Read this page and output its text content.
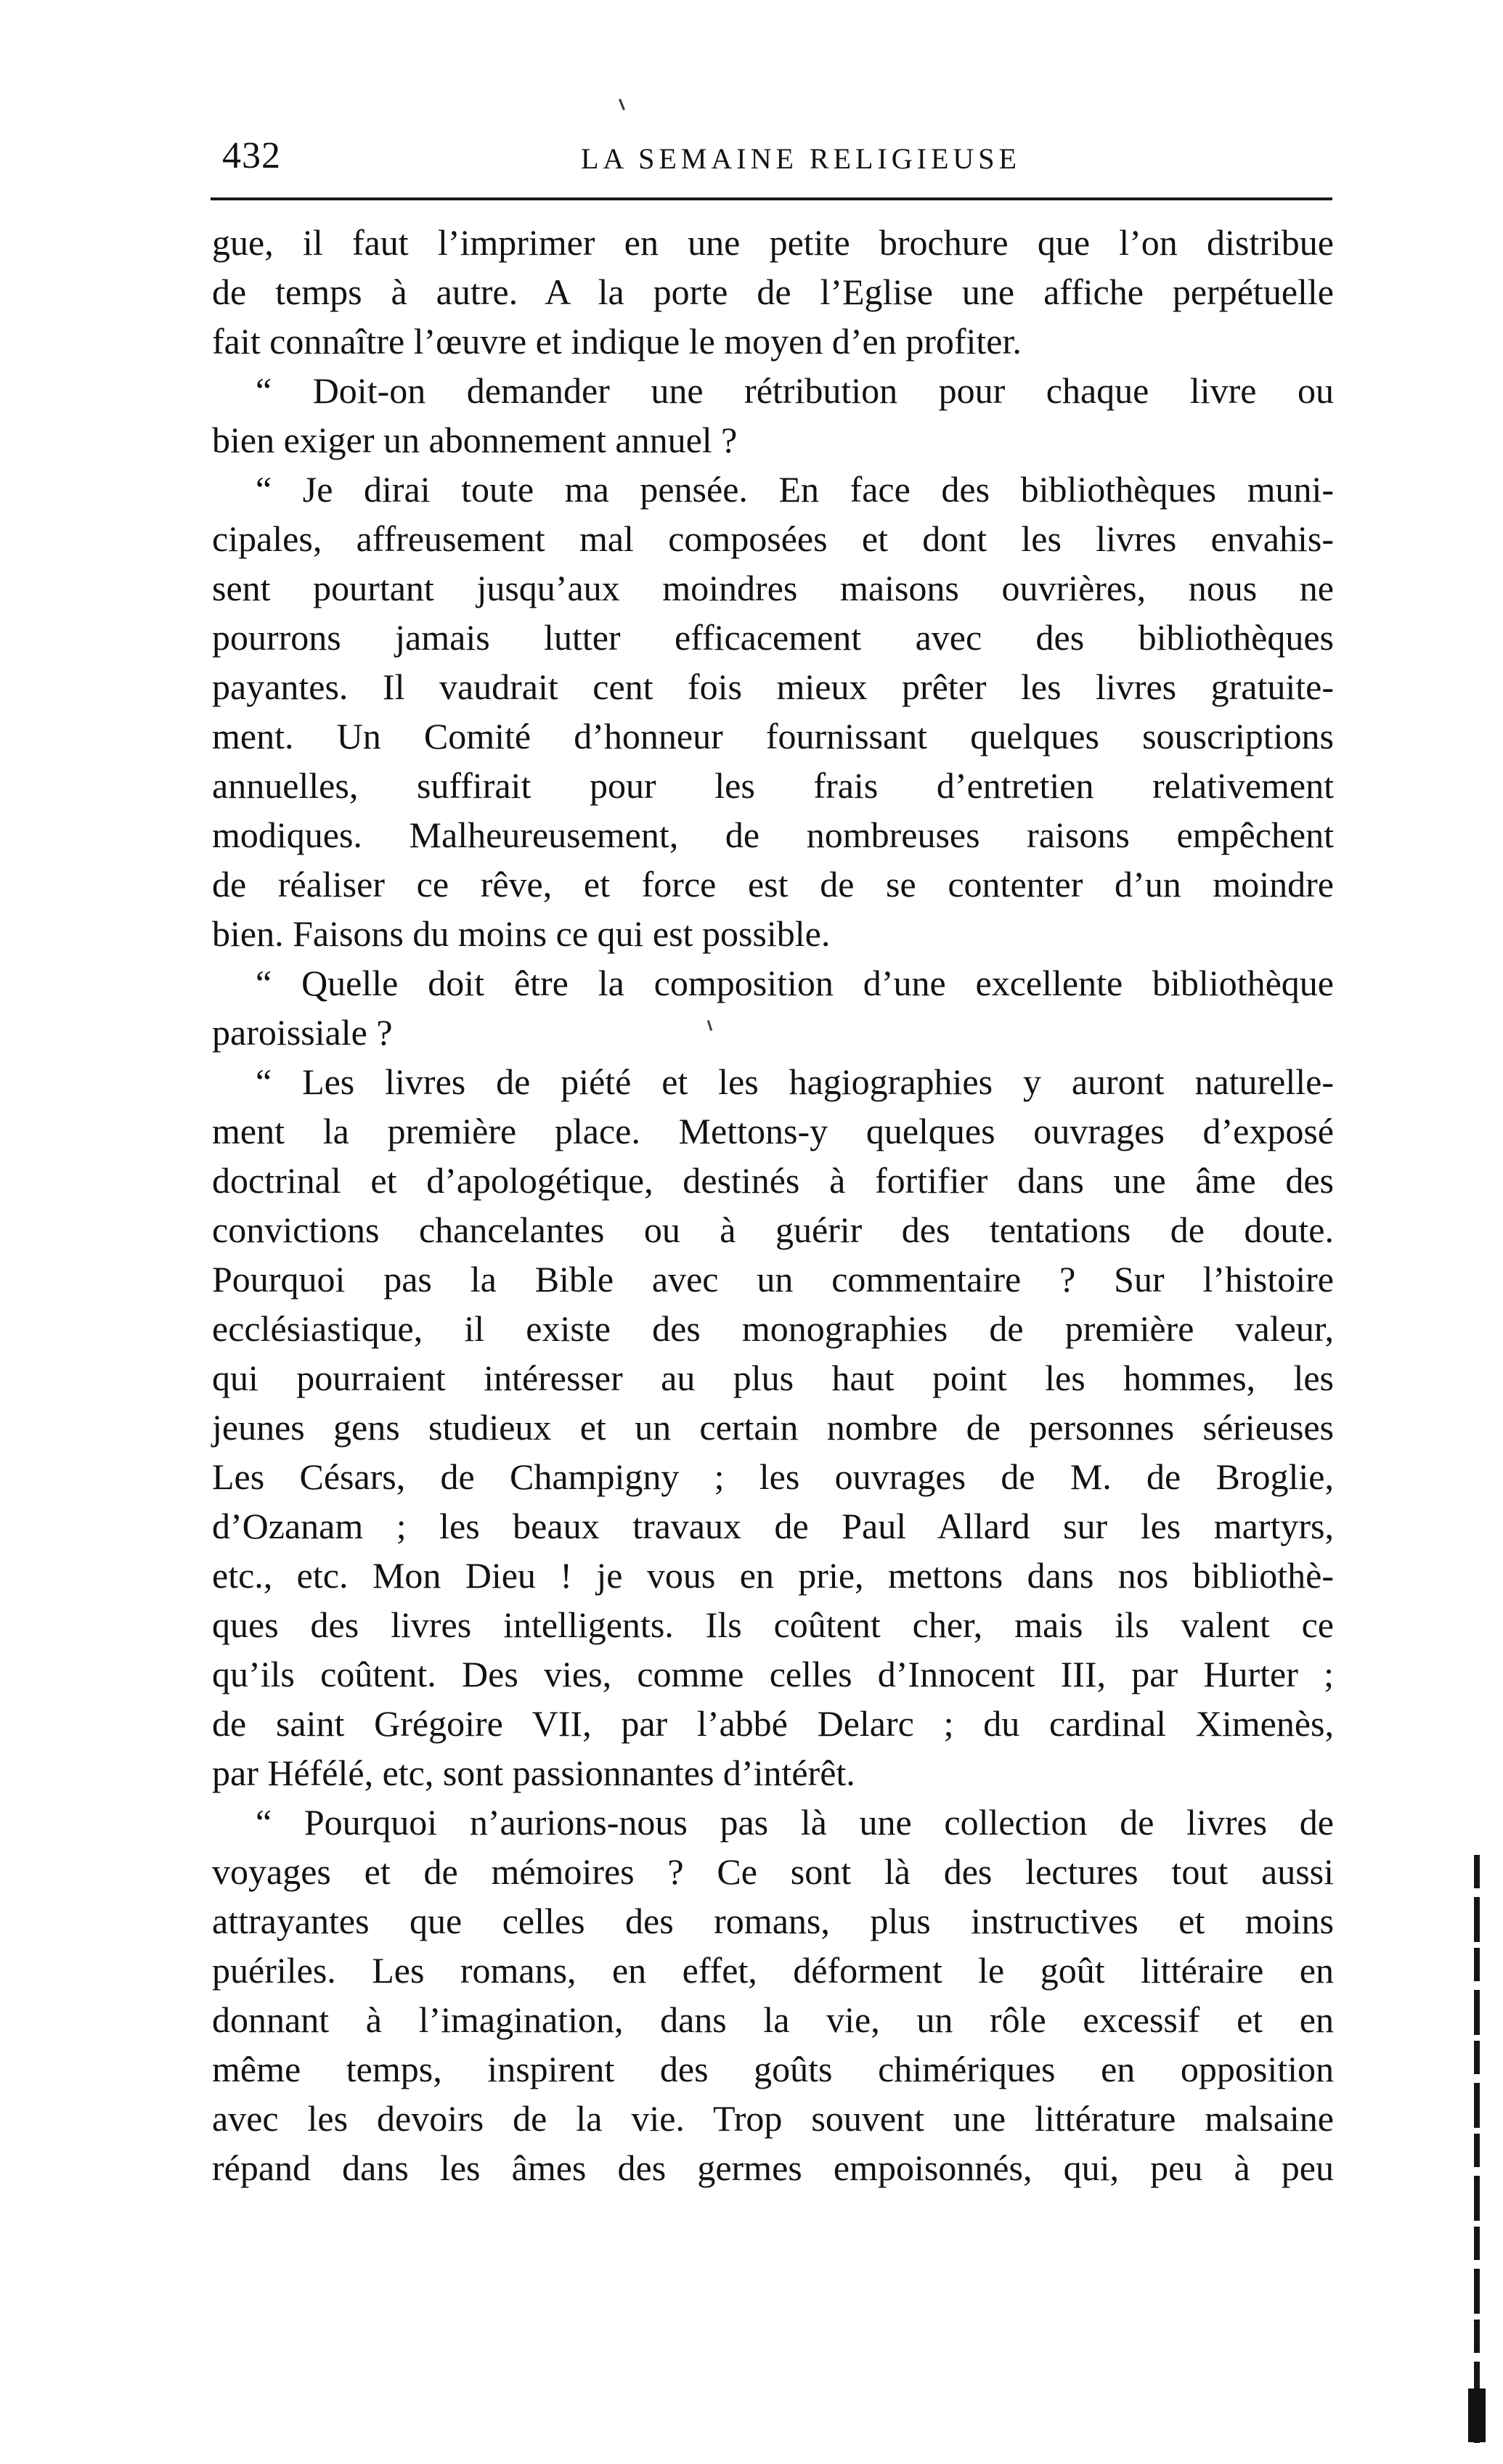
432	LA SEMAINE RELIGIEUSE
gue, il faut l’imprimer en une petite brochure que l’on distribue
de temps à autre. A la porte de l’Eglise une affiche perpétuelle
fait connaître l’œuvre et indique le moyen d’en profiter.
“ Doit-on demander une rétribution pour chaque livre ou
bien exiger un abonnement annuel ?
“ Je dirai toute ma pensée. En face des bibliothèques muni-
cipales, affreusement mal composées et dont les livres envahis-
sent pourtant jusqu’aux moindres maisons ouvrières, nous ne
pourrons jamais lutter efficacement avec des bibliothèques
payantes. Il vaudrait cent fois mieux prêter les livres gratuite-
ment. Un Comité d’honneur fournissant quelques souscriptions
annuelles, suffirait pour les frais d’entretien relativement
modiques. Malheureusement, de nombreuses raisons empêchent
de réaliser ce rêve, et force est de se contenter d’un moindre
bien. Faisons du moins ce qui est possible.
“ Quelle doit être la composition d’une excellente bibliothèque
paroissiale ?
“ Les livres de piété et les hagiographies y auront naturelle-
ment la première place. Mettons-y quelques ouvrages d’exposé
doctrinal et d’apologétique, destinés à fortifier dans une âme des
convictions chancelantes ou à guérir des tentations de doute.
Pourquoi pas la Bible avec un commentaire ? Sur l’histoire
ecclésiastique, il existe des monographies de première valeur,
qui pourraient intéresser au plus haut point les hommes, les
jeunes gens studieux et un certain nombre de personnes sérieuses
Les Césars, de Champigny ; les ouvrages de M. de Broglie,
d’Ozanam ; les beaux travaux de Paul Allard sur les martyrs,
etc., etc. Mon Dieu ! je vous en prie, mettons dans nos bibliothè-
ques des livres intelligents. Ils coûtent cher, mais ils valent ce
qu’ils coûtent. Des vies, comme celles d’Innocent III, par Hurter ;
de saint Grégoire VII, par l’abbé Delarc ; du cardinal Ximenès,
par Héfélé, etc, sont passionnantes d’intérêt.
“ Pourquoi n’aurions-nous pas là une collection de livres de
voyages et de mémoires ? Ce sont là des lectures tout aussi
attrayantes que celles des romans, plus instructives et moins
puériles. Les romans, en effet, déforment le goût littéraire en
donnant à l’imagination, dans la vie, un rôle excessif et en
même temps, inspirent des goûts chimériques en opposition
avec les devoirs de la vie. Trop souvent une littérature malsaine
répand dans les âmes des germes empoisonnés, qui, peu à peu
